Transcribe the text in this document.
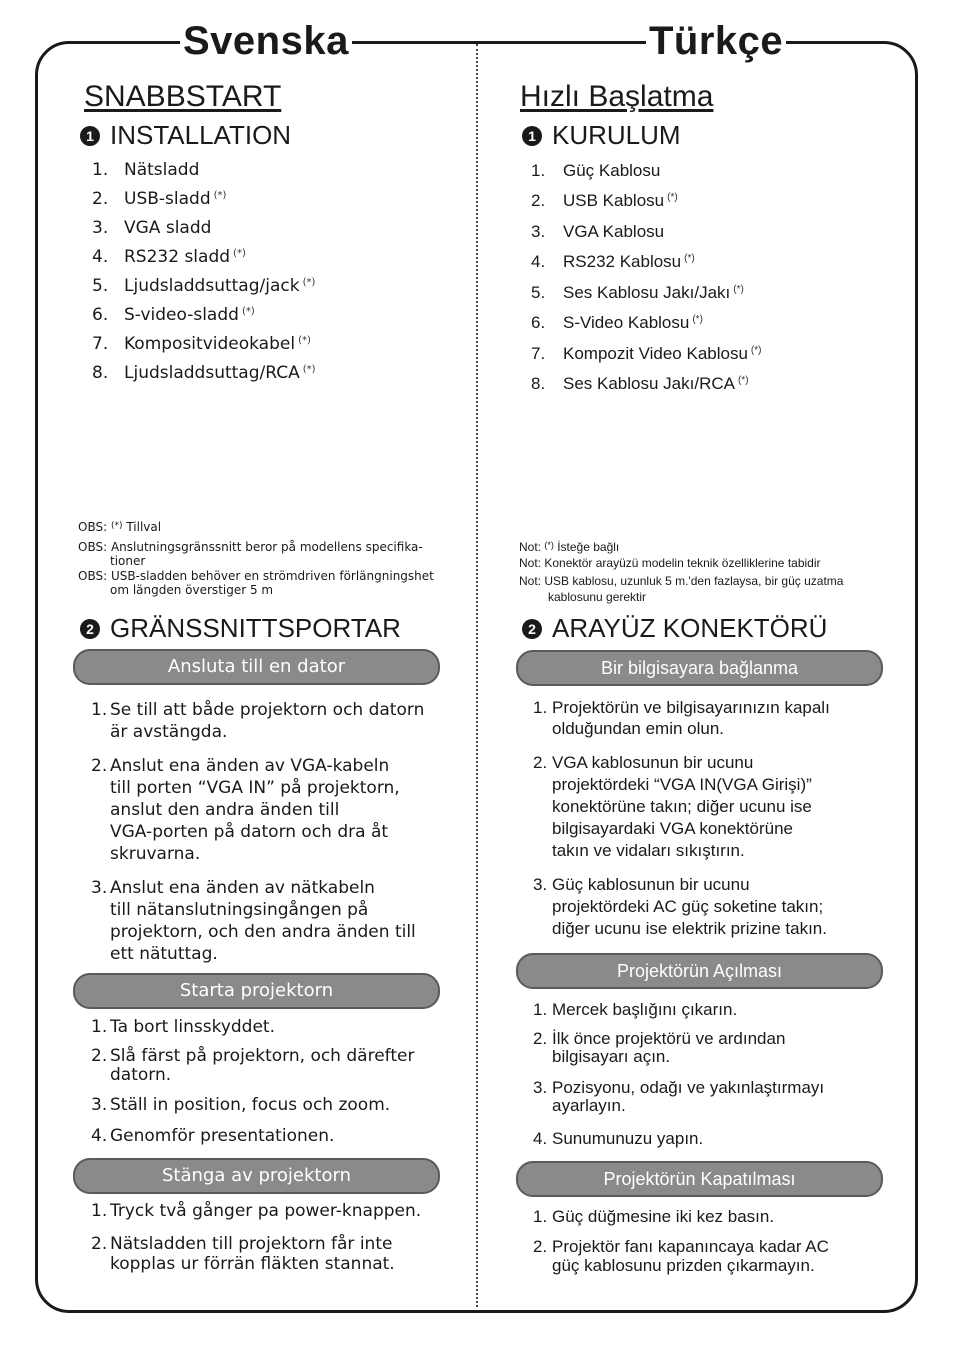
Svenska	Türkçe
SNABBSTART
1 INSTALLATION
1. Nätsladd
2. USB-sladd (*)
3. VGA sladd
4. RS232 sladd (*)
5. Ljudsladdsuttag/jack (*)
6. S-video-sladd (*)
7. Kompositvideokabel (*)
8. Ljudsladdsuttag/RCA (*)
OBS: (*) Tillval
OBS: Anslutningsgränssnitt beror på modellens specifika-
tioner
OBS: USB-sladden behöver en strömdriven förlängningshet
om längden överstiger 5 m
2 GRÄNSSNITTSPORTAR
Ansluta till en dator
1. Se till att både projektorn och datorn
är avstängda.
2. Anslut ena änden av VGA-kabeln
till porten “VGA IN” på projektorn,
anslut den andra änden till
VGA-porten på datorn och dra åt
skruvarna.
3. Anslut ena änden av nätkabeln
till nätanslutningsingången på
projektorn, och den andra änden till
ett nätuttag.
Starta projektorn
1. Ta bort linsskyddet.
2. Slå färst på projektorn, och därefter
datorn.
3. Ställ in position, focus och zoom.
4. Genomför presentationen.
Stänga av projektorn
1. Tryck två gånger pa power-knappen.
2. Nätsladden till projektorn får inte
kopplas ur förrän fläkten stannat.
Hızlı Başlatma
1 KURULUM
1. Güç Kablosu
2. USB Kablosu (*)
3. VGA Kablosu
4. RS232 Kablosu (*)
5. Ses Kablosu Jakı/Jakı (*)
6. S-Video Kablosu (*)
7. Kompozit Video Kablosu (*)
8. Ses Kablosu Jakı/RCA (*)
Not: (*) İsteğe bağlı
Not: Konektör arayüzü modelin teknik özelliklerine tabidir
Not: USB kablosu, uzunluk 5 m.'den fazlaysa, bir güç uzatma
kablosunu gerektir
2 ARAYÜZ KONEKTÖRÜ
Bir bilgisayara bağlanma
1. Projektörün ve bilgisayarınızın kapalı
olduğundan emin olun.
2. VGA kablosunun bir ucunu
projektördeki “VGA IN(VGA Girişi)”
konektörüne takın; diğer ucunu ise
bilgisayardaki VGA konektörüne
takın ve vidaları sıkıştırın.
3. Güç kablosunun bir ucunu
projektördeki AC güç soketine takın;
diğer ucunu ise elektrik prizine takın.
Projektörün Açılması
1. Mercek başlığını çıkarın.
2. İlk önce projektörü ve ardından
bilgisayarı açın.
3. Pozisyonu, odağı ve yakınlaştırmayı
ayarlayın.
4. Sunumunuzu yapın.
Projektörün Kapatılması
1. Güç düğmesine iki kez basın.
2. Projektör fanı kapanıncaya kadar AC
güç kablosunu prizden çıkarmayın.
